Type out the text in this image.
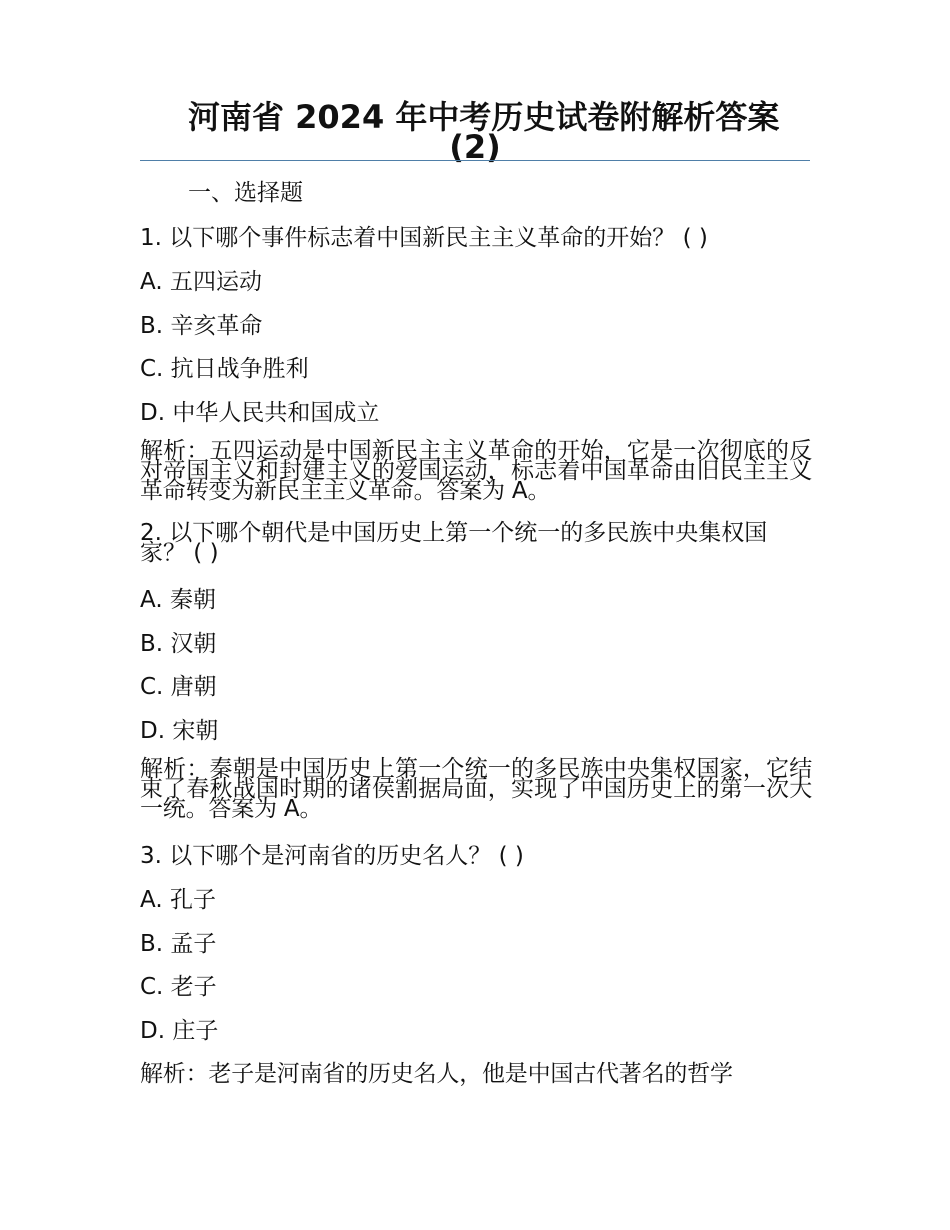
河南省 2024 年中考历史试卷附解析答案
(2)
一、选择题
1. 以下哪个事件标志着中国新民主主义革命的开始？ ( )
A. 五四运动
B. 辛亥革命
C. 抗日战争胜利
D. 中华人民共和国成立
解析：五四运动是中国新民主主义革命的开始，它是一次彻底的反对帝国主义和封建主义的爱国运动，标志着中国革命由旧民主主义革命转变为新民主主义革命。答案为 A。
2. 以下哪个朝代是中国历史上第一个统一的多民族中央集权国家？ ( )
A. 秦朝
B. 汉朝
C. 唐朝
D. 宋朝
解析：秦朝是中国历史上第一个统一的多民族中央集权国家，它结束了春秋战国时期的诸侯割据局面，实现了中国历史上的第一次大一统。答案为 A。
3. 以下哪个是河南省的历史名人？ ( )
A. 孔子
B. 孟子
C. 老子
D. 庄子
解析：老子是河南省的历史名人，他是中国古代著名的哲学
